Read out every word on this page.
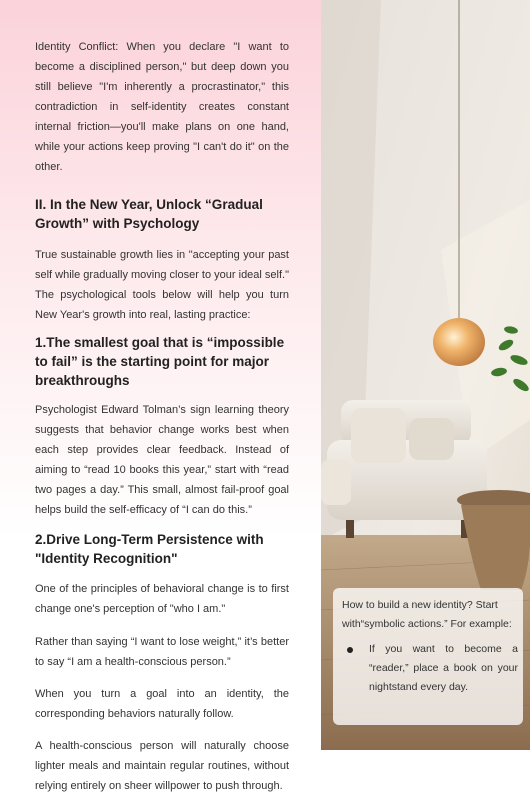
Identity Conflict: When you declare "I want to become a disciplined person," but deep down you still believe "I'm inherently a procrastinator," this contradiction in self-identity creates constant internal friction—you'll make plans on one hand, while your actions keep proving "I can't do it" on the other.

II. In the New Year, Unlock “Gradual Growth” with Psychology

True sustainable growth lies in "accepting your past self while gradually moving closer to your ideal self." The psychological tools below will help you turn New Year's growth into real, lasting practice:

1.The smallest goal that is “impossible to fail” is the starting point for major breakthroughs

Psychologist Edward Tolman’s sign learning theory suggests that behavior change works best when each step provides clear feedback. Instead of aiming to “read 10 books this year,” start with “read two pages a day.” This small, almost fail-proof goal helps build the self-efficacy of “I can do this.”

2.Drive Long-Term Persistence with "Identity Recognition"

One of the principles of behavioral change is to first change one's perception of "who I am."

Rather than saying “I want to lose weight,” it’s better to say “I am a health-conscious person.”

When you turn a goal into an identity, the corresponding behaviors naturally follow.

A health-conscious person will naturally choose lighter meals and maintain regular routines, without relying entirely on sheer willpower to push through.

How to build a new identity? Start with“symbolic actions.” For example:

If you want to become a “reader,” place a book on your nightstand every day.
